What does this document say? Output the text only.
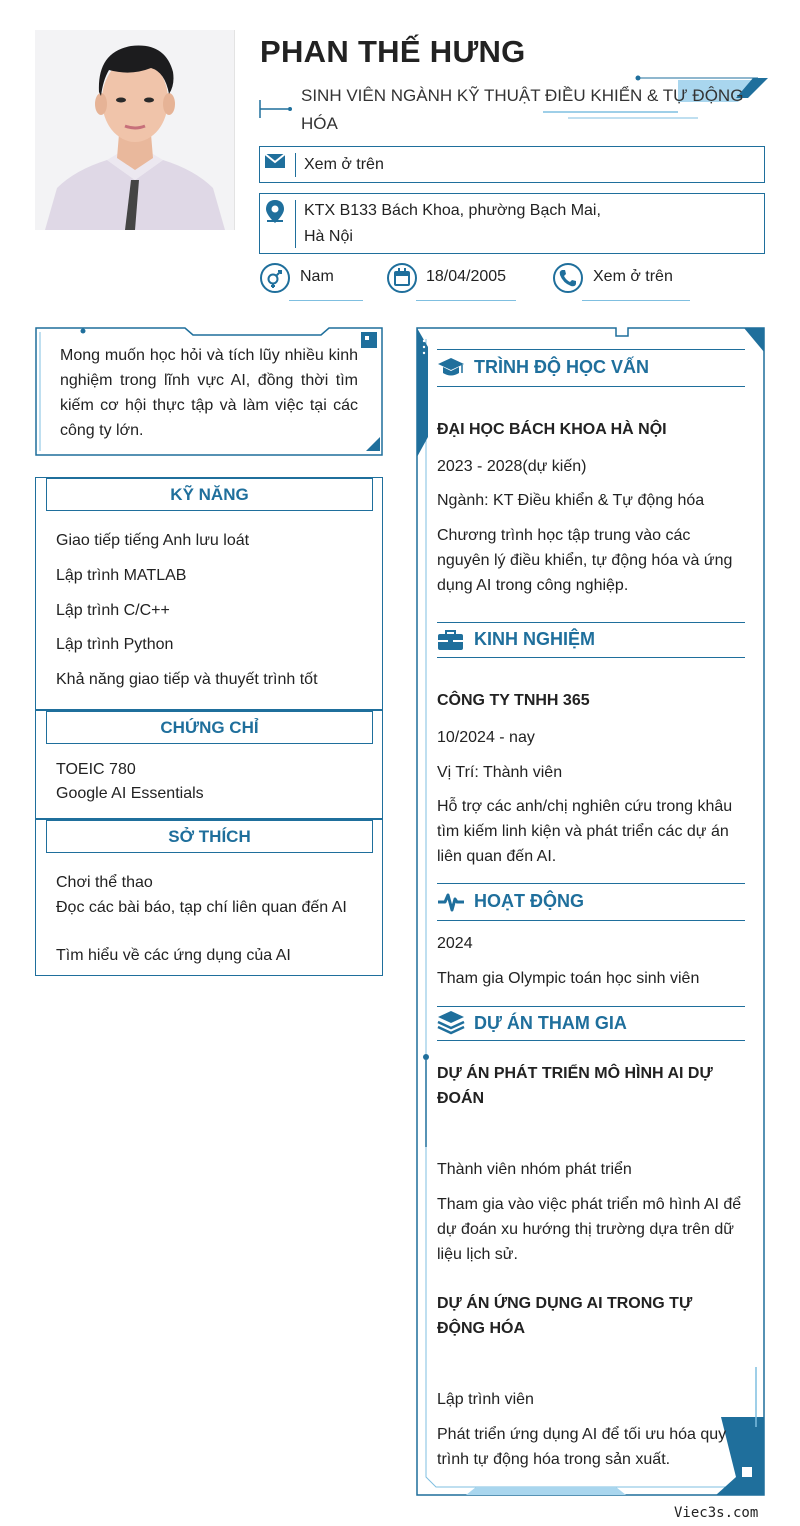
PHAN THẾ HƯNG
SINH VIÊN NGÀNH KỸ THUẬT ĐIỀU KHIỂN & TỰ ĐỘNG HÓA
Xem ở trên
KTX B133 Bách Khoa, phường Bạch Mai,
Hà Nội
Nam	18/04/2005	Xem ở trên
Mong muốn học hỏi và tích lũy nhiều kinh nghiệm trong lĩnh vực AI, đồng thời tìm kiếm cơ hội thực tập và làm việc tại các công ty lớn.
KỸ NĂNG
Giao tiếp tiếng Anh lưu loát
Lập trình MATLAB
Lập trình C/C++
Lập trình Python
Khả năng giao tiếp và thuyết trình tốt
CHỨNG CHỈ
TOEIC 780
Google AI Essentials
SỞ THÍCH
Chơi thể thao
Đọc các bài báo, tạp chí liên quan đến AI
Tìm hiểu về các ứng dụng của AI
TRÌNH ĐỘ HỌC VẤN
ĐẠI HỌC BÁCH KHOA HÀ NỘI
2023 - 2028(dự kiến)
Ngành: KT Điều khiển & Tự động hóa
Chương trình học tập trung vào các nguyên lý điều khiển, tự động hóa và ứng dụng AI trong công nghiệp.
KINH NGHIỆM
CÔNG TY TNHH 365
10/2024 - nay
Vị Trí: Thành viên
Hỗ trợ các anh/chị nghiên cứu trong khâu tìm kiếm linh kiện và phát triển các dự án liên quan đến AI.
HOẠT ĐỘNG
2024
Tham gia Olympic toán học sinh viên
DỰ ÁN THAM GIA
DỰ ÁN PHÁT TRIỂN MÔ HÌNH AI DỰ ĐOÁN
Thành viên nhóm phát triển
Tham gia vào việc phát triển mô hình AI để dự đoán xu hướng thị trường dựa trên dữ liệu lịch sử.
DỰ ÁN ỨNG DỤNG AI TRONG TỰ ĐỘNG HÓA
Lập trình viên
Phát triển ứng dụng AI để tối ưu hóa quy trình tự động hóa trong sản xuất.
Viec3s.com
